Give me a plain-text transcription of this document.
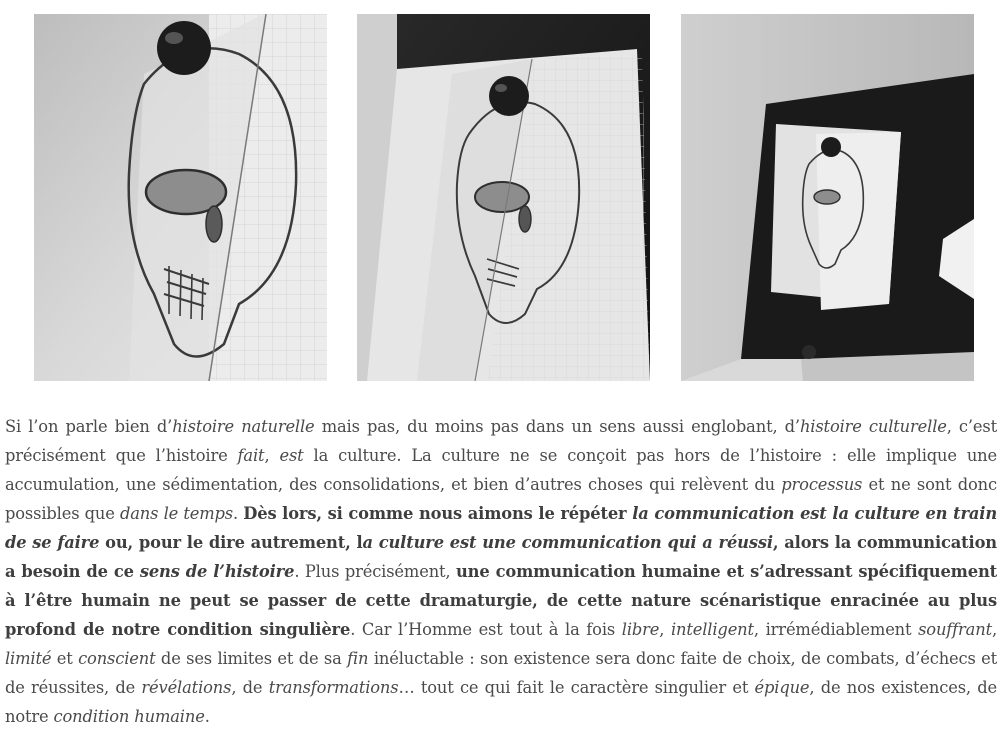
Si l’on parle bien d’histoire naturelle mais pas, du moins pas dans un sens aussi englobant, d’histoire culturelle, c’est précisément que l’histoire fait, est la culture. La culture ne se conçoit pas hors de l’histoire : elle implique une accumulation, une sédimentation, des consolidations, et bien d’autres choses qui relèvent du processus et ne sont donc possibles que dans le temps. Dès lors, si comme nous aimons le répéter la communication est la culture en train de se faire ou, pour le dire autrement, la culture est une communication qui a réussi, alors la communication a besoin de ce sens de l’histoire. Plus précisément, une communication humaine et s’adressant spécifiquement à l’être humain ne peut se passer de cette dramaturgie, de cette nature scénaristique enracinée au plus profond de notre condition singulière. Car l’Homme est tout à la fois libre, intelligent, irrémédiablement souffrant, limité et conscient de ses limites et de sa fin inéluctable : son existence sera donc faite de choix, de combats, d’échecs et de réussites, de révélations, de transformations… tout ce qui fait le caractère singulier et épique, de nos existences, de notre condition humaine.
